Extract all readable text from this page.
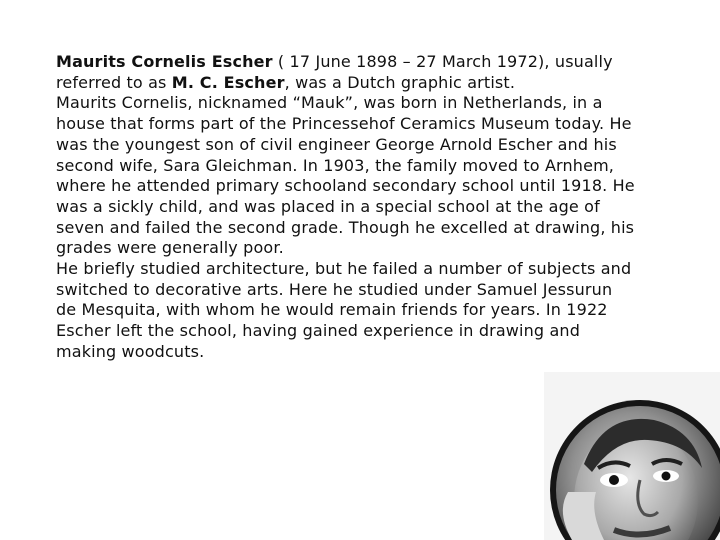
Maurits Cornelis Escher ( 17 June 1898 – 27 March 1972), usually referred to as M. C. Escher, was a Dutch graphic artist.

Maurits Cornelis, nicknamed “Mauk”, was born in Netherlands, in a house that forms part of the Princessehof Ceramics Museum today. He was the youngest son of civil engineer George Arnold Escher and his second wife, Sara Gleichman. In 1903, the family moved to Arnhem, where he attended primary schooland secondary school until 1918. He was a sickly child, and was placed in a special school at the age of seven and failed the second grade. Though he excelled at drawing, his grades were generally poor.

He briefly studied architecture, but he failed a number of subjects and switched to decorative arts. Here he studied under Samuel Jessurun de Mesquita, with whom he would remain friends for years. In 1922 Escher left the school, having gained experience in drawing and making woodcuts.
